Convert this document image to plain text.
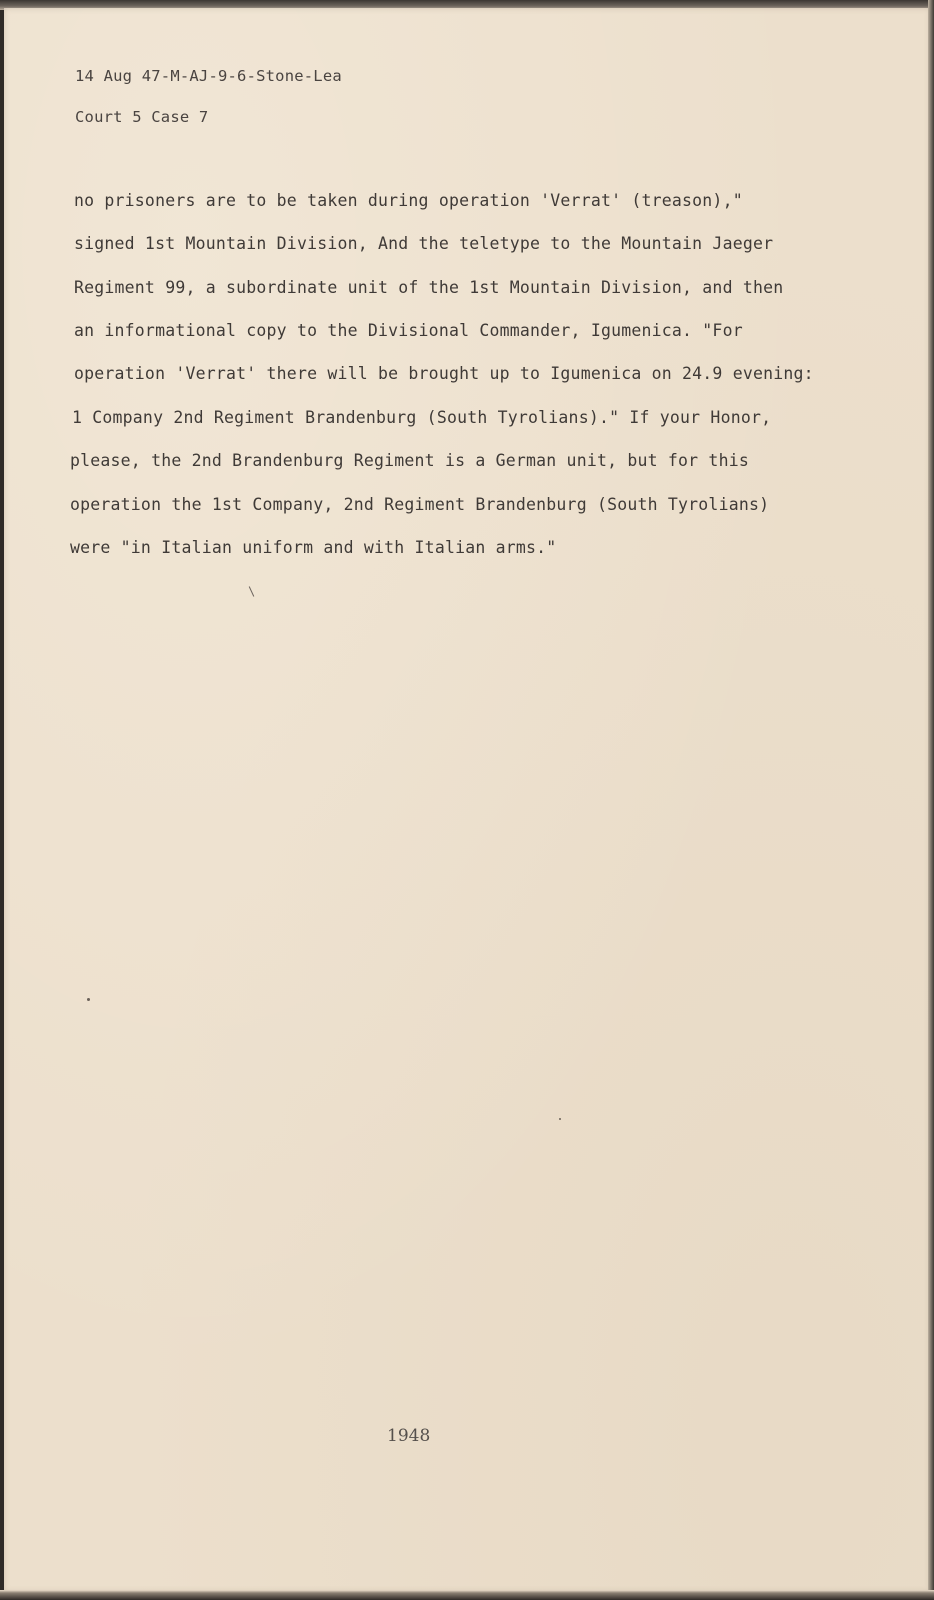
14 Aug 47-M-AJ-9-6-Stone-Lea
Court 5 Case 7
no prisoners are to be taken during operation 'Verrat' (treason),"
signed 1st Mountain Division, And the teletype to the Mountain Jaeger
Regiment 99, a subordinate unit of the 1st Mountain Division, and then
an informational copy to the Divisional Commander, Igumenica. "For
operation 'Verrat' there will be brought up to Igumenica on 24.9 evening:
1 Company 2nd Regiment Brandenburg (South Tyrolians)." If your Honor,
please, the 2nd Brandenburg Regiment is a German unit, but for this
operation the 1st Company, 2nd Regiment Brandenburg (South Tyrolians)
were "in Italian uniform and with Italian arms."
1948
